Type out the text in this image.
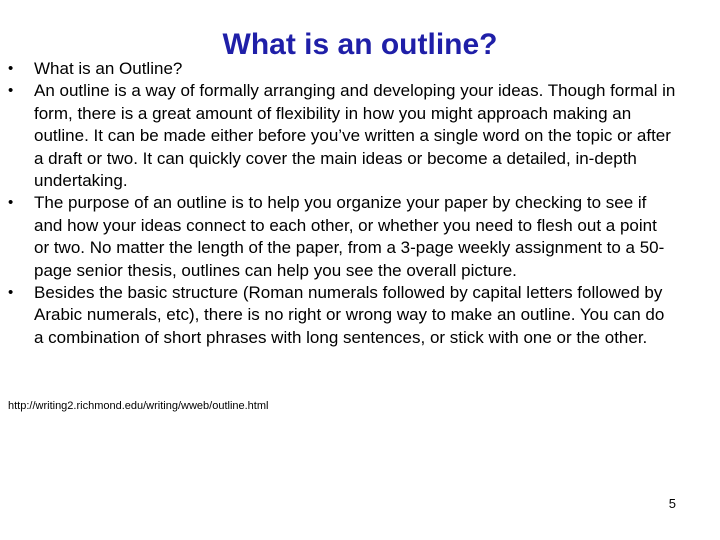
What is an outline?
•	What is an Outline?
•	An outline is a way of formally arranging and developing your ideas. Though formal in form, there is a great amount of flexibility in how you might approach making an outline. It can be made either before you’ve written a single word on the topic or after a draft or two. It can quickly cover the main ideas or become a detailed, in-depth undertaking.
•	The purpose of an outline is to help you organize your paper by checking to see if and how your ideas connect to each other, or whether you need to flesh out a point or two. No matter the length of the paper, from a 3-page weekly assignment to a 50-page senior thesis, outlines can help you see the overall picture.
•	Besides the basic structure (Roman numerals followed by capital letters followed by Arabic numerals, etc), there is no right or wrong way to make an outline. You can do a combination of short phrases with long sentences, or stick with one or the other.
http://writing2.richmond.edu/writing/wweb/outline.html
5
